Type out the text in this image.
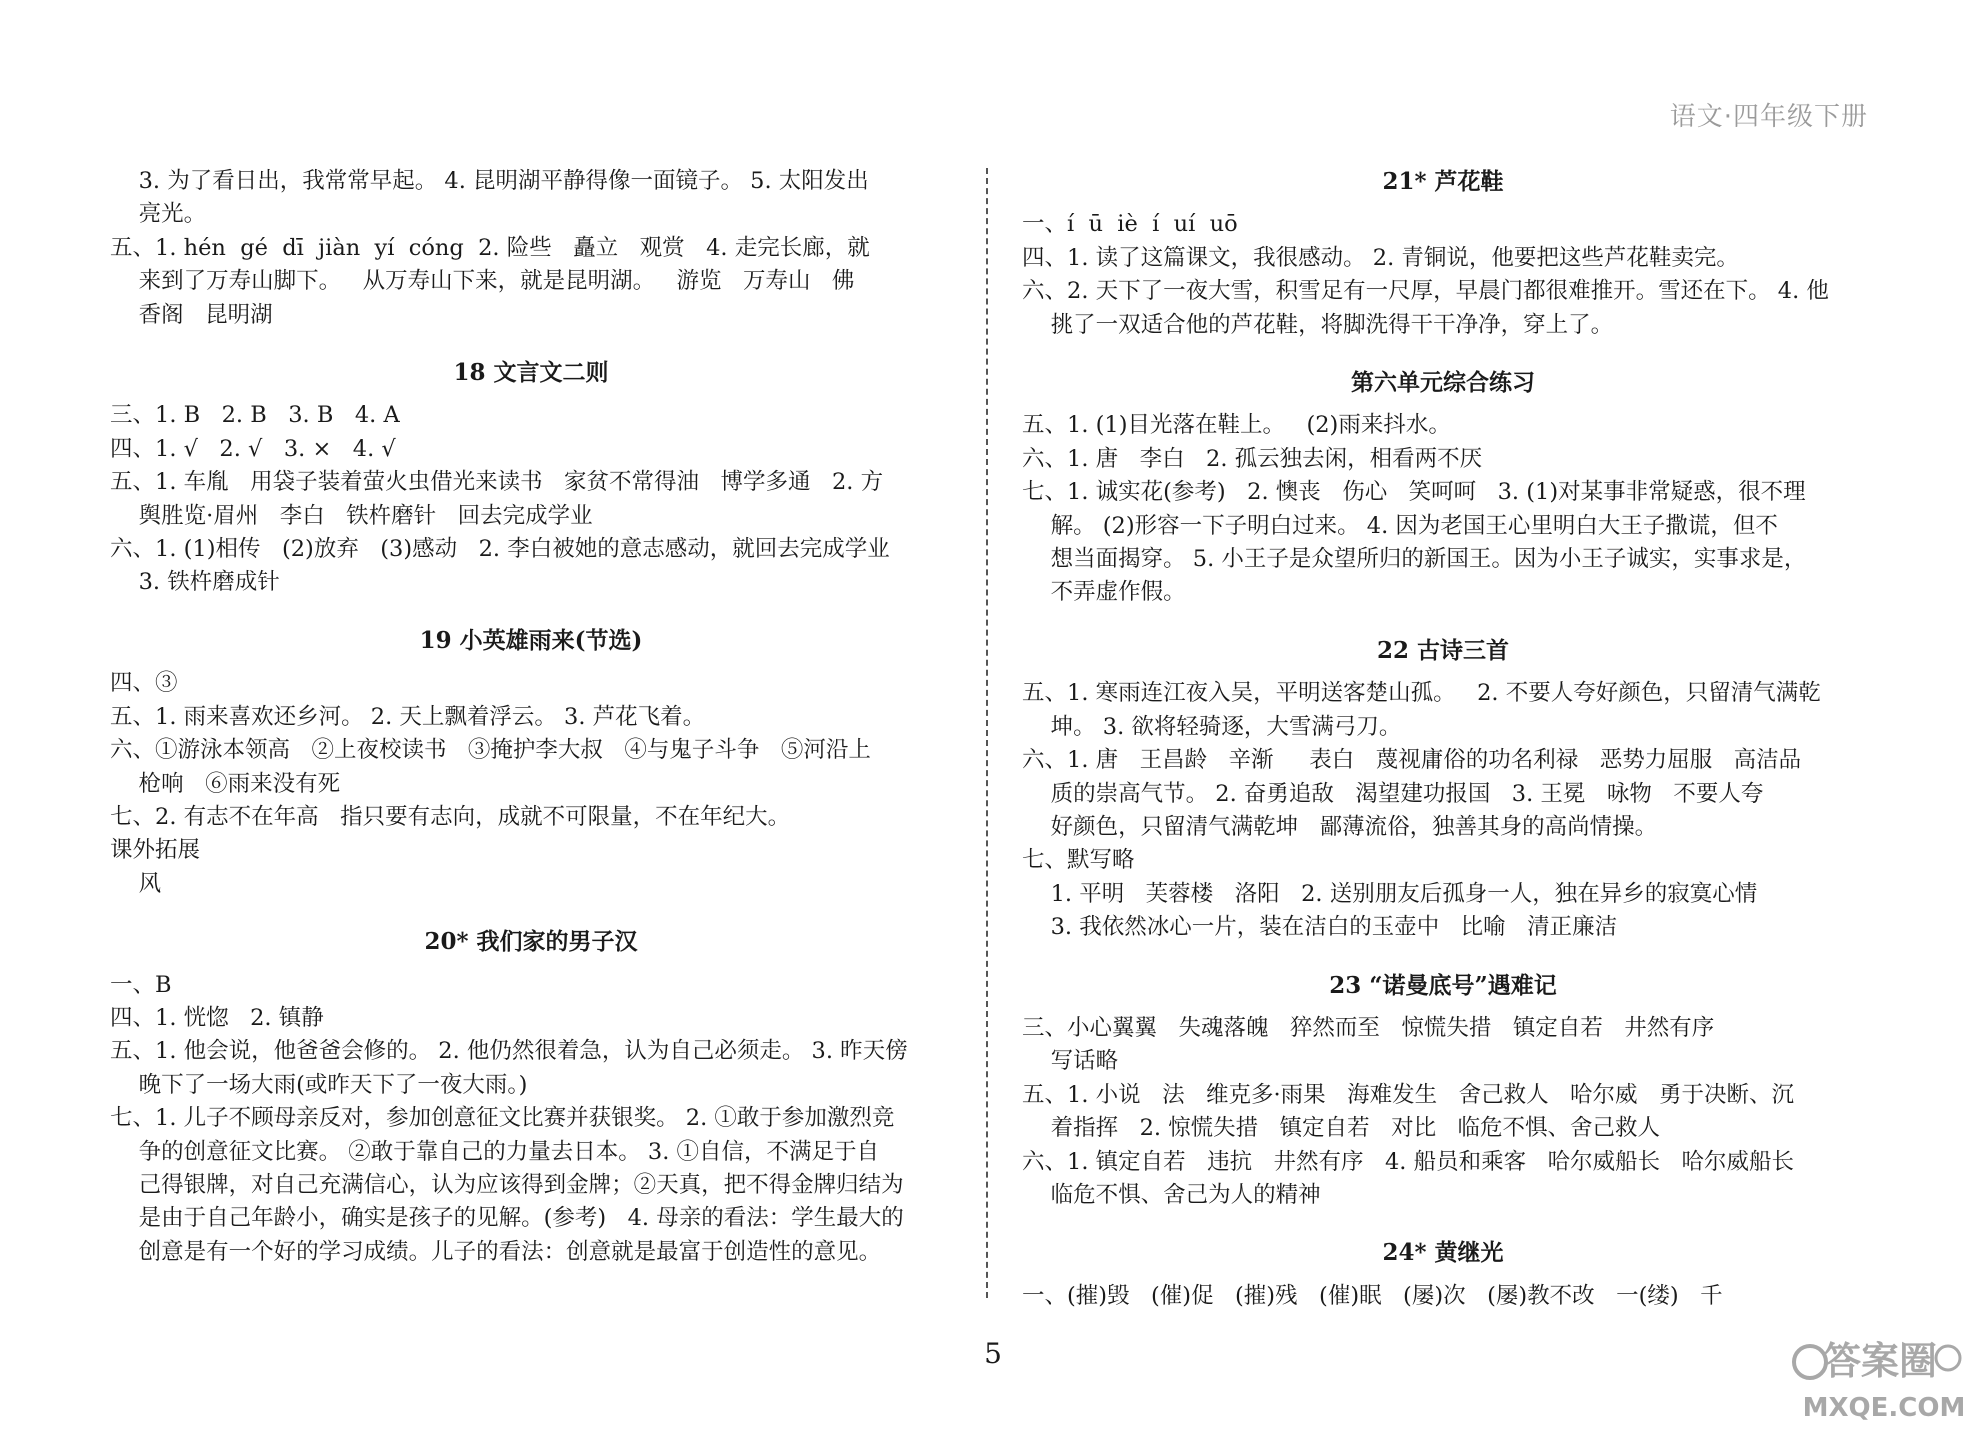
语文·四年级下册
3. 为了看日出，我常常早起。 4. 昆明湖平静得像一面镜子。 5. 太阳发出
亮光。
五、1. hén  gé  dī  jiàn  yí  cóng  2. 险些   矗立   观赏   4. 走完长廊，就
来到了万寿山脚下。   从万寿山下来，就是昆明湖。   游览   万寿山   佛
香阁   昆明湖
18 文言文二则
三、1. B   2. B   3. B   4. A
四、1. √   2. √   3. ×   4. √
五、1. 车胤   用袋子装着萤火虫借光来读书   家贫不常得油   博学多通   2. 方
舆胜览·眉州   李白   铁杵磨针   回去完成学业
六、1. (1)相传   (2)放弃   (3)感动   2. 李白被她的意志感动，就回去完成学业
3. 铁杵磨成针
19 小英雄雨来(节选)
四、③
五、1. 雨来喜欢还乡河。 2. 天上飘着浮云。 3. 芦花飞着。
六、①游泳本领高   ②上夜校读书   ③掩护李大叔   ④与鬼子斗争   ⑤河沿上
枪响   ⑥雨来没有死
七、2. 有志不在年高   指只要有志向，成就不可限量，不在年纪大。
课外拓展
风
20* 我们家的男子汉
一、B
四、1. 恍惚   2. 镇静
五、1. 他会说，他爸爸会修的。 2. 他仍然很着急，认为自己必须走。 3. 昨天傍
晚下了一场大雨(或昨天下了一夜大雨。)
七、1. 儿子不顾母亲反对，参加创意征文比赛并获银奖。 2. ①敢于参加激烈竞
争的创意征文比赛。 ②敢于靠自己的力量去日本。 3. ①自信，不满足于自
己得银牌，对自己充满信心，认为应该得到金牌；②天真，把不得金牌归结为
是由于自己年龄小，确实是孩子的见解。(参考)   4. 母亲的看法：学生最大的
创意是有一个好的学习成绩。儿子的看法：创意就是最富于创造性的意见。
21* 芦花鞋
一、í  ū  iè  í  uí  uō
四、1. 读了这篇课文，我很感动。 2. 青铜说，他要把这些芦花鞋卖完。
六、2. 天下了一夜大雪，积雪足有一尺厚，早晨门都很难推开。雪还在下。 4. 他
挑了一双适合他的芦花鞋，将脚洗得干干净净，穿上了。
第六单元综合练习
五、1. (1)目光落在鞋上。   (2)雨来抖水。
六、1. 唐   李白   2. 孤云独去闲，相看两不厌
七、1. 诚实花(参考)   2. 懊丧   伤心   笑呵呵   3. (1)对某事非常疑惑，很不理
解。 (2)形容一下子明白过来。 4. 因为老国王心里明白大王子撒谎，但不
想当面揭穿。 5. 小王子是众望所归的新国王。因为小王子诚实，实事求是，
不弄虚作假。
22 古诗三首
五、1. 寒雨连江夜入吴，平明送客楚山孤。   2. 不要人夸好颜色，只留清气满乾
坤。 3. 欲将轻骑逐，大雪满弓刀。
六、1. 唐   王昌龄   辛渐     表白   蔑视庸俗的功名利禄   恶势力屈服   高洁品
质的崇高气节。 2. 奋勇追敌   渴望建功报国   3. 王冕   咏物   不要人夸
好颜色，只留清气满乾坤   鄙薄流俗，独善其身的高尚情操。
七、默写略
1. 平明   芙蓉楼   洛阳   2. 送别朋友后孤身一人，独在异乡的寂寞心情
3. 我依然冰心一片，装在洁白的玉壶中   比喻   清正廉洁
23 “诺曼底号”遇难记
三、小心翼翼   失魂落魄   猝然而至   惊慌失措   镇定自若   井然有序
写话略
五、1. 小说   法   维克多·雨果   海难发生   舍己救人   哈尔威   勇于决断、沉
着指挥   2. 惊慌失措   镇定自若   对比   临危不惧、舍己救人
六、1. 镇定自若   违抗   井然有序   4. 船员和乘客   哈尔威船长   哈尔威船长
临危不惧、舍己为人的精神
24* 黄继光
一、(摧)毁   (催)促   (摧)残   (催)眠   (屡)次   (屡)教不改   一(缕)   千
5	答案圈
MXQE.COM
